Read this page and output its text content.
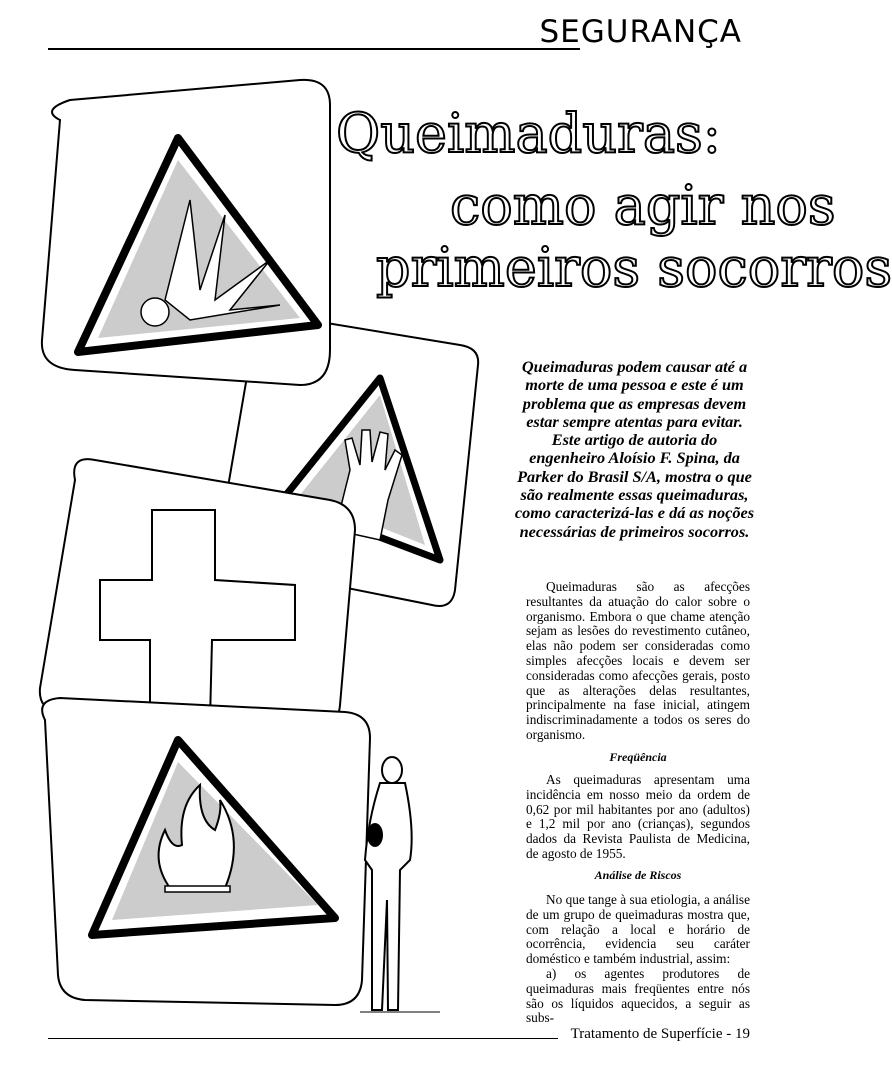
SEGURANÇA
Queimaduras:
como agir nos
primeiros socorros
Queimaduras podem causar até a morte de uma pessoa e este é um problema que as empresas devem estar sempre atentas para evitar. Este artigo de autoria do engenheiro Aloísio F. Spina, da Parker do Brasil S/A, mostra o que são realmente essas queimaduras, como caracterizá-las e dá as noções necessárias de primeiros socorros.

Queimaduras são as afecções resultantes da atuação do calor sobre o organismo. Embora o que chame atenção sejam as lesões do revestimento cutâneo, elas não podem ser consideradas como simples afecções locais e devem ser consideradas como afecções gerais, posto que as alterações delas resultantes, principalmente na fase inicial, atingem indiscriminadamente a todos os seres do organismo.

Freqüência

As queimaduras apresentam uma incidência em nosso meio da ordem de 0,62 por mil habitantes por ano (adultos) e 1,2 mil por ano (crianças), segundos dados da Revista Paulista de Medicina, de agosto de 1955.

Análise de Riscos

No que tange à sua etiologia, a análise de um grupo de queimaduras mostra que, com relação a local e horário de ocorrência, evidencia seu caráter doméstico e também industrial, assim:

a) os agentes produtores de queimaduras mais freqüentes entre nós são os líquidos aquecidos, a seguir as subs-

Tratamento de Superfície - 19
